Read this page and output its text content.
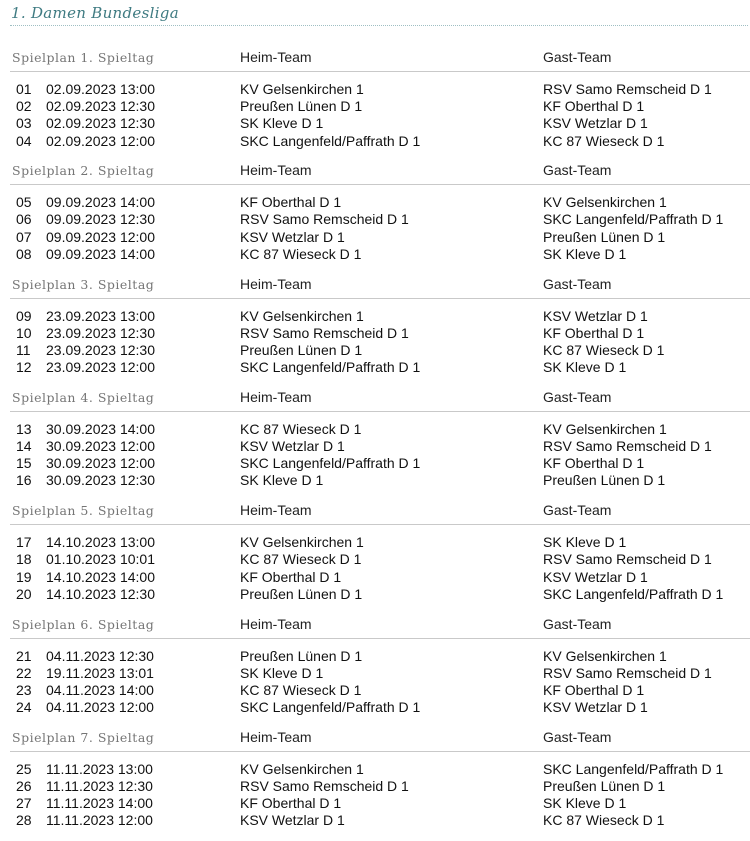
1. Damen Bundesliga
Spielplan 1. Spieltag	Heim-Team	Gast-Team
01 02.09.2023 13:00	KV Gelsenkirchen 1	RSV Samo Remscheid D 1
02 02.09.2023 12:30	Preußen Lünen D 1	KF Oberthal D 1
03 02.09.2023 12:30	SK Kleve D 1	KSV Wetzlar D 1
04 02.09.2023 12:00	SKC Langenfeld/Paffrath D 1	KC 87 Wieseck D 1
Spielplan 2. Spieltag	Heim-Team	Gast-Team
05 09.09.2023 14:00	KF Oberthal D 1	KV Gelsenkirchen 1
06 09.09.2023 12:30	RSV Samo Remscheid D 1	SKC Langenfeld/Paffrath D 1
07 09.09.2023 12:00	KSV Wetzlar D 1	Preußen Lünen D 1
08 09.09.2023 14:00	KC 87 Wieseck D 1	SK Kleve D 1
Spielplan 3. Spieltag	Heim-Team	Gast-Team
09 23.09.2023 13:00	KV Gelsenkirchen 1	KSV Wetzlar D 1
10 23.09.2023 12:30	RSV Samo Remscheid D 1	KF Oberthal D 1
11 23.09.2023 12:30	Preußen Lünen D 1	KC 87 Wieseck D 1
12 23.09.2023 12:00	SKC Langenfeld/Paffrath D 1	SK Kleve D 1
Spielplan 4. Spieltag	Heim-Team	Gast-Team
13 30.09.2023 14:00	KC 87 Wieseck D 1	KV Gelsenkirchen 1
14 30.09.2023 12:00	KSV Wetzlar D 1	RSV Samo Remscheid D 1
15 30.09.2023 12:00	SKC Langenfeld/Paffrath D 1	KF Oberthal D 1
16 30.09.2023 12:30	SK Kleve D 1	Preußen Lünen D 1
Spielplan 5. Spieltag	Heim-Team	Gast-Team
17 14.10.2023 13:00	KV Gelsenkirchen 1	SK Kleve D 1
18 01.10.2023 10:01	KC 87 Wieseck D 1	RSV Samo Remscheid D 1
19 14.10.2023 14:00	KF Oberthal D 1	KSV Wetzlar D 1
20 14.10.2023 12:30	Preußen Lünen D 1	SKC Langenfeld/Paffrath D 1
Spielplan 6. Spieltag	Heim-Team	Gast-Team
21 04.11.2023 12:30	Preußen Lünen D 1	KV Gelsenkirchen 1
22 19.11.2023 13:01	SK Kleve D 1	RSV Samo Remscheid D 1
23 04.11.2023 14:00	KC 87 Wieseck D 1	KF Oberthal D 1
24 04.11.2023 12:00	SKC Langenfeld/Paffrath D 1	KSV Wetzlar D 1
Spielplan 7. Spieltag	Heim-Team	Gast-Team
25 11.11.2023 13:00	KV Gelsenkirchen 1	SKC Langenfeld/Paffrath D 1
26 11.11.2023 12:30	RSV Samo Remscheid D 1	Preußen Lünen D 1
27 11.11.2023 14:00	KF Oberthal D 1	SK Kleve D 1
28 11.11.2023 12:00	KSV Wetzlar D 1	KC 87 Wieseck D 1
